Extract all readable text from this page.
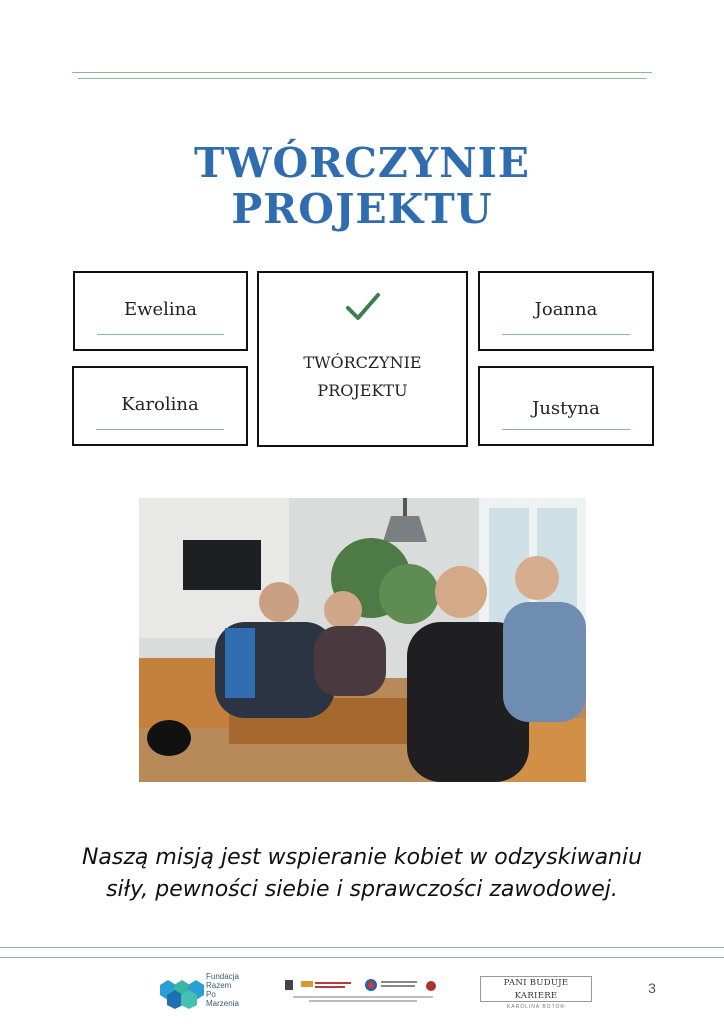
TWÓRCZYNIE
PROJEKTU
Ewelina
Karolina
TWÓRCZYNIE
PROJEKTU
Joanna
Justyna
Naszą misją jest wspieranie kobiet w odzyskiwaniu
siły, pewności siebie i sprawczości zawodowej.
Fundacja
Razem
Po
Marzenia
PANI BUDUJE KARIERE
KAROLINA BOTOR
3
